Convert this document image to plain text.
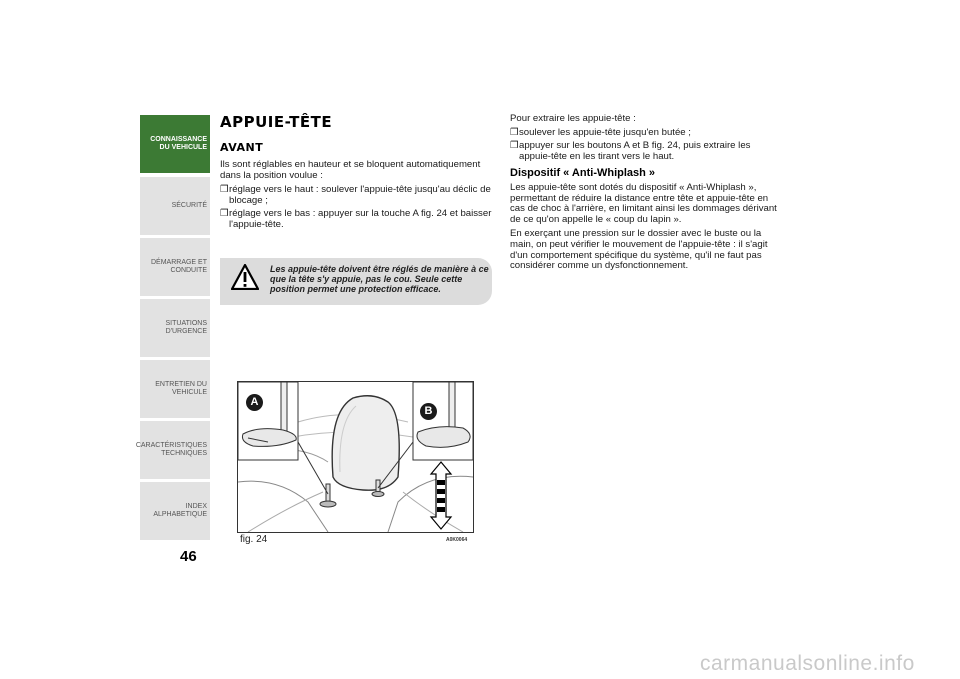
CONNAISSANCE
DU VEHICULE
SÉCURITÉ
DÉMARRAGE ET
CONDUITE
SITUATIONS
D'URGENCE
ENTRETIEN DU
VEHICULE
CARACTÉRISTIQUES
TECHNIQUES
INDEX
ALPHABETIQUE
46
APPUIE-TÊTE
AVANT

Ils sont réglables en hauteur et se bloquent automatiquement dans la position voulue :

❒réglage vers le haut : soulever l'appuie-tête jusqu'au déclic de blocage ;
❒réglage vers le bas : appuyer sur la touche A fig. 24 et baisser l'appuie-tête.
Les appuie-tête doivent être réglés de manière à ce que la tête s'y appuie, pas le cou. Seule cette position permet une protection efficace.
A
B
fig. 24	A0K0064

Pour extraire les appuie-tête :

❒soulever les appuie-tête jusqu'en butée ;
❒appuyer sur les boutons A et B fig. 24, puis extraire les appuie-tête en les tirant vers le haut.
Dispositif « Anti-Whiplash »

Les appuie-tête sont dotés du dispositif « Anti-Whiplash », permettant de réduire la distance entre tête et appuie-tête en cas de choc à l'arrière, en limitant ainsi les dommages dérivant de ce qu'on appelle le « coup du lapin ».

En exerçant une pression sur le dossier avec le buste ou la main, on peut vérifier le mouvement de l'appuie-tête : il s'agit d'un comportement spécifique du système, qu'il ne faut pas considérer comme un dysfonctionnement.

carmanualsonline.info
